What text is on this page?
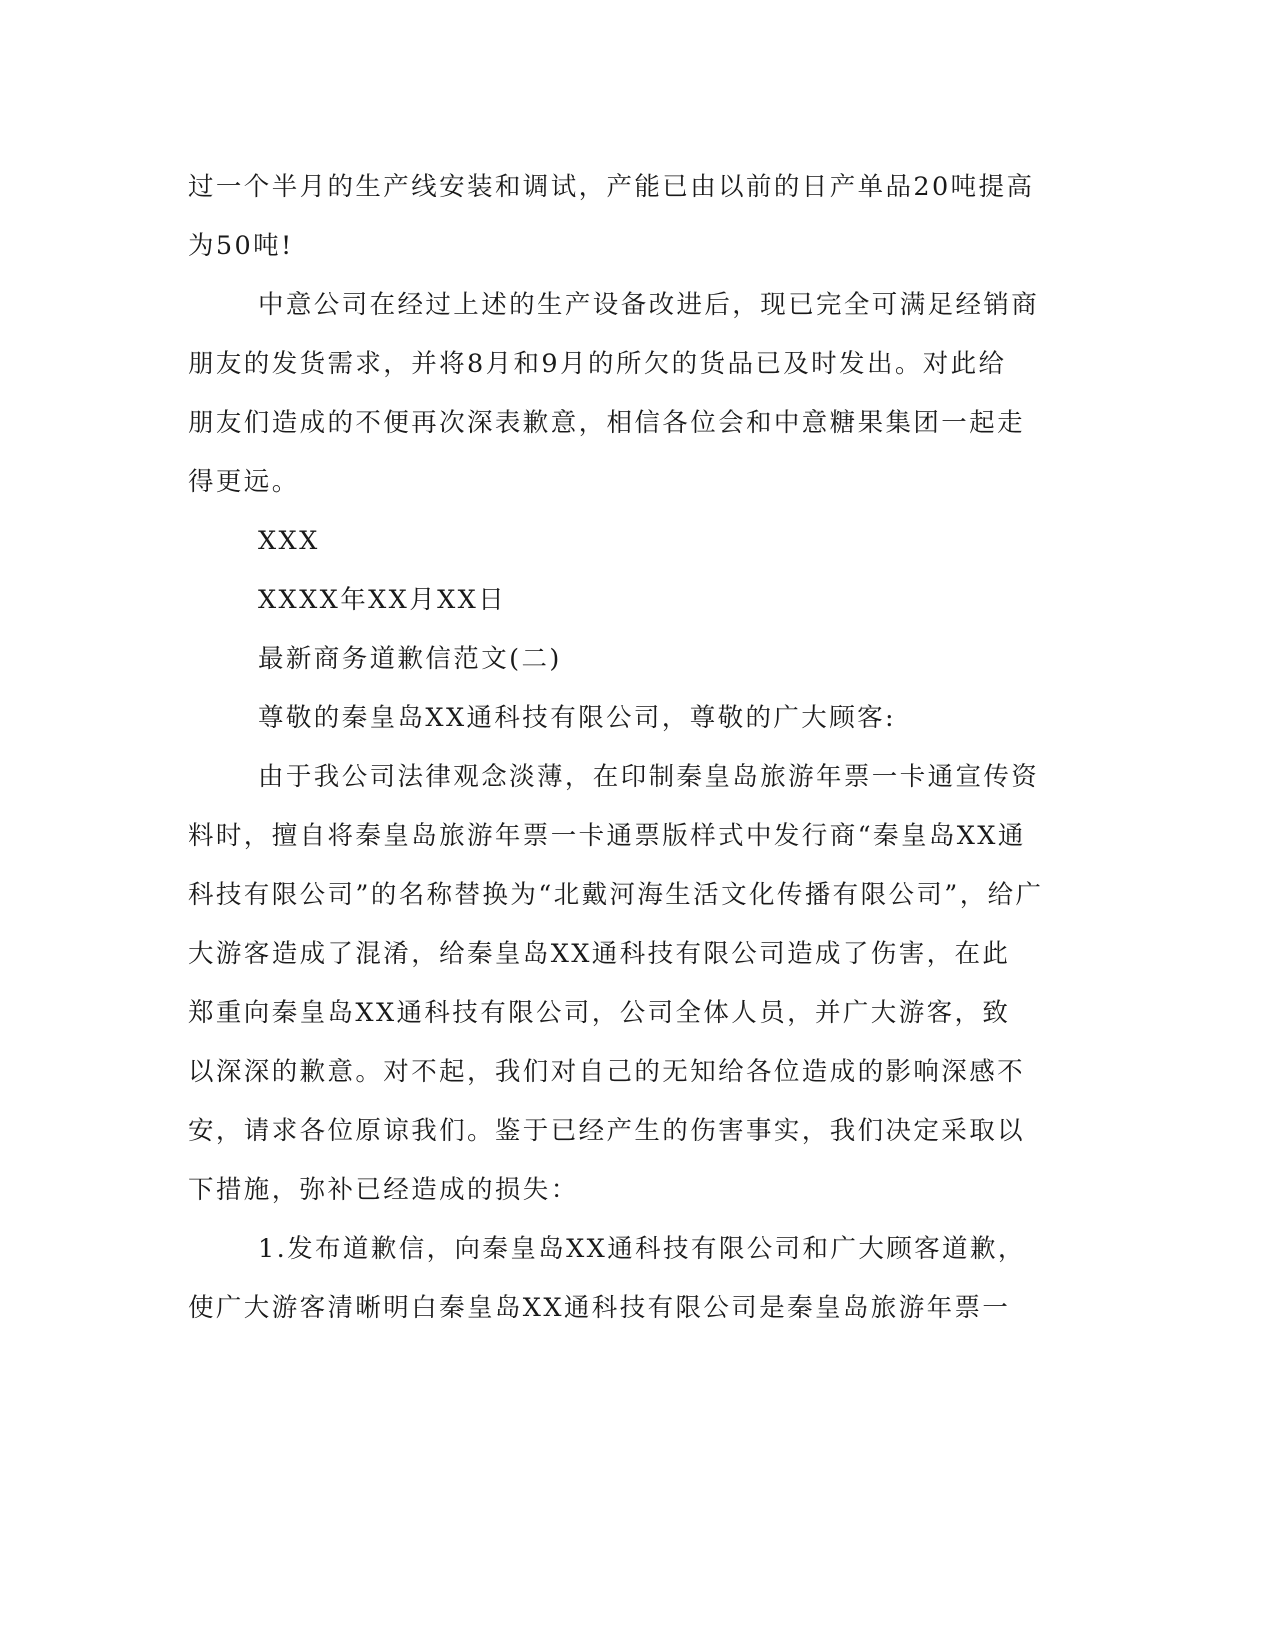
过一个半月的生产线安装和调试，产能已由以前的日产单品20吨提高
为50吨!
中意公司在经过上述的生产设备改进后，现已完全可满足经销商
朋友的发货需求，并将8月和9月的所欠的货品已及时发出。对此给
朋友们造成的不便再次深表歉意，相信各位会和中意糖果集团一起走
得更远。
XXX
XXXX年XX月XX日
最新商务道歉信范文(二)
尊敬的秦皇岛XX通科技有限公司，尊敬的广大顾客:
由于我公司法律观念淡薄，在印制秦皇岛旅游年票一卡通宣传资
料时，擅自将秦皇岛旅游年票一卡通票版样式中发行商“秦皇岛XX通
科技有限公司”的名称替换为“北戴河海生活文化传播有限公司”，给广
大游客造成了混淆，给秦皇岛XX通科技有限公司造成了伤害，在此
郑重向秦皇岛XX通科技有限公司，公司全体人员，并广大游客，致
以深深的歉意。对不起，我们对自己的无知给各位造成的影响深感不
安，请求各位原谅我们。鉴于已经产生的伤害事实，我们决定采取以
下措施，弥补已经造成的损失：
1.发布道歉信，向秦皇岛XX通科技有限公司和广大顾客道歉，
使广大游客清晰明白秦皇岛XX通科技有限公司是秦皇岛旅游年票一
